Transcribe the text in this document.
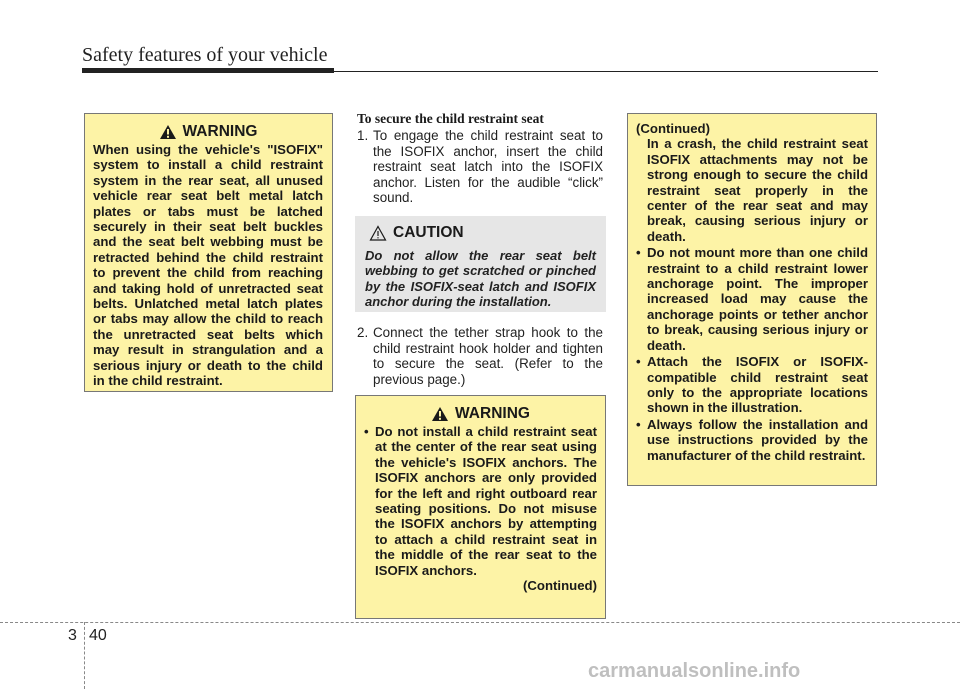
Safety features of your vehicle
WARNING
When using the vehicle's "ISOFIX" system to install a child restraint system in the rear seat, all unused vehicle rear seat belt metal latch plates or tabs must be latched securely in their seat belt buckles and the seat belt webbing must be retracted behind the child restraint to prevent the child from reaching and taking hold of unretracted seat belts. Unlatched metal latch plates or tabs may allow the child to reach the unretracted seat belts which may result in strangulation and a serious injury or death to the child in the child restraint.
To secure the child restraint seat
1. To engage the child restraint seat to the ISOFIX anchor, insert the child restraint seat latch into the ISOFIX anchor. Listen for the audible “click” sound.
CAUTION
Do not allow the rear seat belt webbing to get scratched or pinched by the ISOFIX-seat latch and ISOFIX anchor during the installation.
2. Connect the tether strap hook to the child restraint hook holder and tighten to secure the seat. (Refer to the previous page.)
WARNING
• Do not install a child restraint seat at the center of the rear seat using the vehicle's ISOFIX anchors. The ISOFIX anchors are only provided for the left and right outboard rear seating positions. Do not misuse the ISOFIX anchors by attempting to attach a child restraint seat in the middle of the rear seat to the ISOFIX anchors.
(Continued)
(Continued)
In a crash, the child restraint seat ISOFIX attachments may not be strong enough to secure the child restraint seat properly in the center of the rear seat and may break, causing serious injury or death.
• Do not mount more than one child restraint to a child restraint lower anchorage point. The improper increased load may cause the anchorage points or tether anchor to break, causing serious injury or death.
• Attach the ISOFIX or ISOFIX-compatible child restraint seat only to the appropriate locations shown in the illustration.
• Always follow the installation and use instructions provided by the manufacturer of the child restraint.
3 40
carmanualsonline.info
